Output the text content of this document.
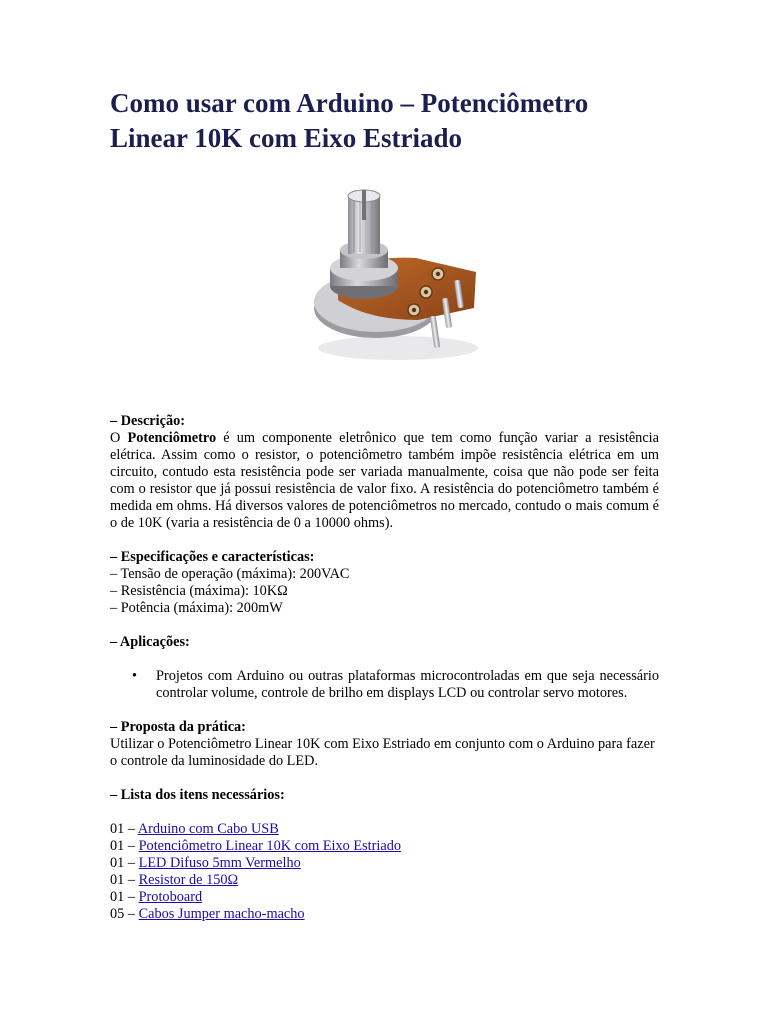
Como usar com Arduino – Potenciômetro Linear 10K com Eixo Estriado

– Descrição:

O Potenciômetro é um componente eletrônico que tem como função variar a resistência elétrica. Assim como o resistor, o potenciômetro também impõe resistência elétrica em um circuito, contudo esta resistência pode ser variada manualmente, coisa que não pode ser feita com o resistor que já possui resistência de valor fixo. A resistência do potenciômetro também é medida em ohms. Há diversos valores de potenciômetros no mercado, contudo o mais comum é o de 10K (varia a resistência de 0 a 10000 ohms).

– Especificações e características:

– Tensão de operação (máxima): 200VAC

– Resistência (máxima): 10KΩ

– Potência (máxima): 200mW

– Aplicações:

• Projetos com Arduino ou outras plataformas microcontroladas em que seja necessário controlar volume, controle de brilho em displays LCD ou controlar servo motores.

– Proposta da prática:

Utilizar o Potenciômetro Linear 10K com Eixo Estriado em conjunto com o Arduino para fazer o controle da luminosidade do LED.

– Lista dos itens necessários:

01 – Arduino com Cabo USB
01 – Potenciômetro Linear 10K com Eixo Estriado
01 – LED Difuso 5mm Vermelho
01 – Resistor de 150Ω
01 – Protoboard
05 – Cabos Jumper macho-macho
